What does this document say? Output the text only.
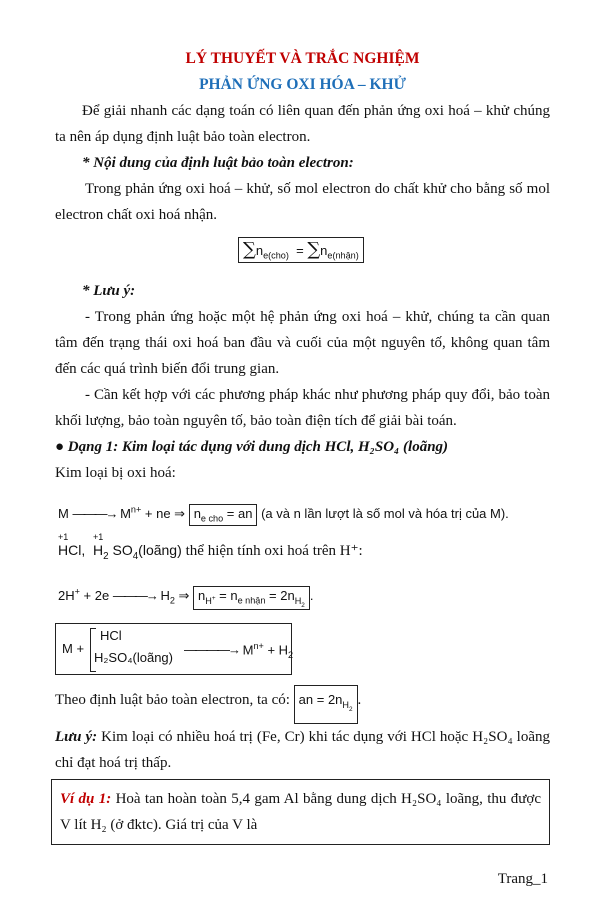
LÝ THUYẾT VÀ TRẮC NGHIỆM
PHẢN ỨNG OXI HÓA – KHỬ
Để giải nhanh các dạng toán có liên quan đến phản ứng oxi hoá – khử chúng ta nên áp dụng định luật bảo toàn electron.
* Nội dung của định luật bảo toàn electron:
Trong phản ứng oxi hoá – khử, số mol electron do chất khử cho bằng số mol electron chất oxi hoá nhận.
$\sum n_{e(cho)} = \sum n_{e(nhận)}$
* Lưu ý:
- Trong phản ứng hoặc một hệ phản ứng oxi hoá – khử, chúng ta cần quan tâm đến trạng thái oxi hoá ban đầu và cuối của một nguyên tố, không quan tâm đến các quá trình biến đổi trung gian.
- Cần kết hợp với các phương pháp khác như phương pháp quy đổi, bảo toàn khối lượng, bảo toàn nguyên tố, bảo toàn điện tích để giải bài toán.
● Dạng 1: Kim loại tác dụng với dung dịch HCl, H₂SO₄ (loãng)
Kim loại bị oxi hoá:
M ———→ $M^{n+}$ + ne ⇒ $n_{e cho}$ = an (a và n lần lượt là số mol và hóa trị của M).
+1
HCl,
+1
$H_2$ $SO_4(loãng)$ thể hiện tính oxi hoá trên H⁺:
2H+ + 2e ———→ $H_2$ ⇒ $n_{H^+} = n_{e nhận} = 2n_{H_2}$.
M +
HCl
H₂SO₄(loãng)
————→ $M^{n+} + H_2$
Theo định luật bảo toàn electron, ta có: an = $2n_{H_2}$.
Lưu ý: Kim loại có nhiều hoá trị (Fe, Cr) khi tác dụng với HCl hoặc H₂SO₄ loãng chỉ đạt hoá trị thấp.
Ví dụ 1: Hoà tan hoàn toàn 5,4 gam Al bằng dung dịch H₂SO₄ loãng, thu được V lít H₂ (ở đktc). Giá trị của V là
Trang_1
